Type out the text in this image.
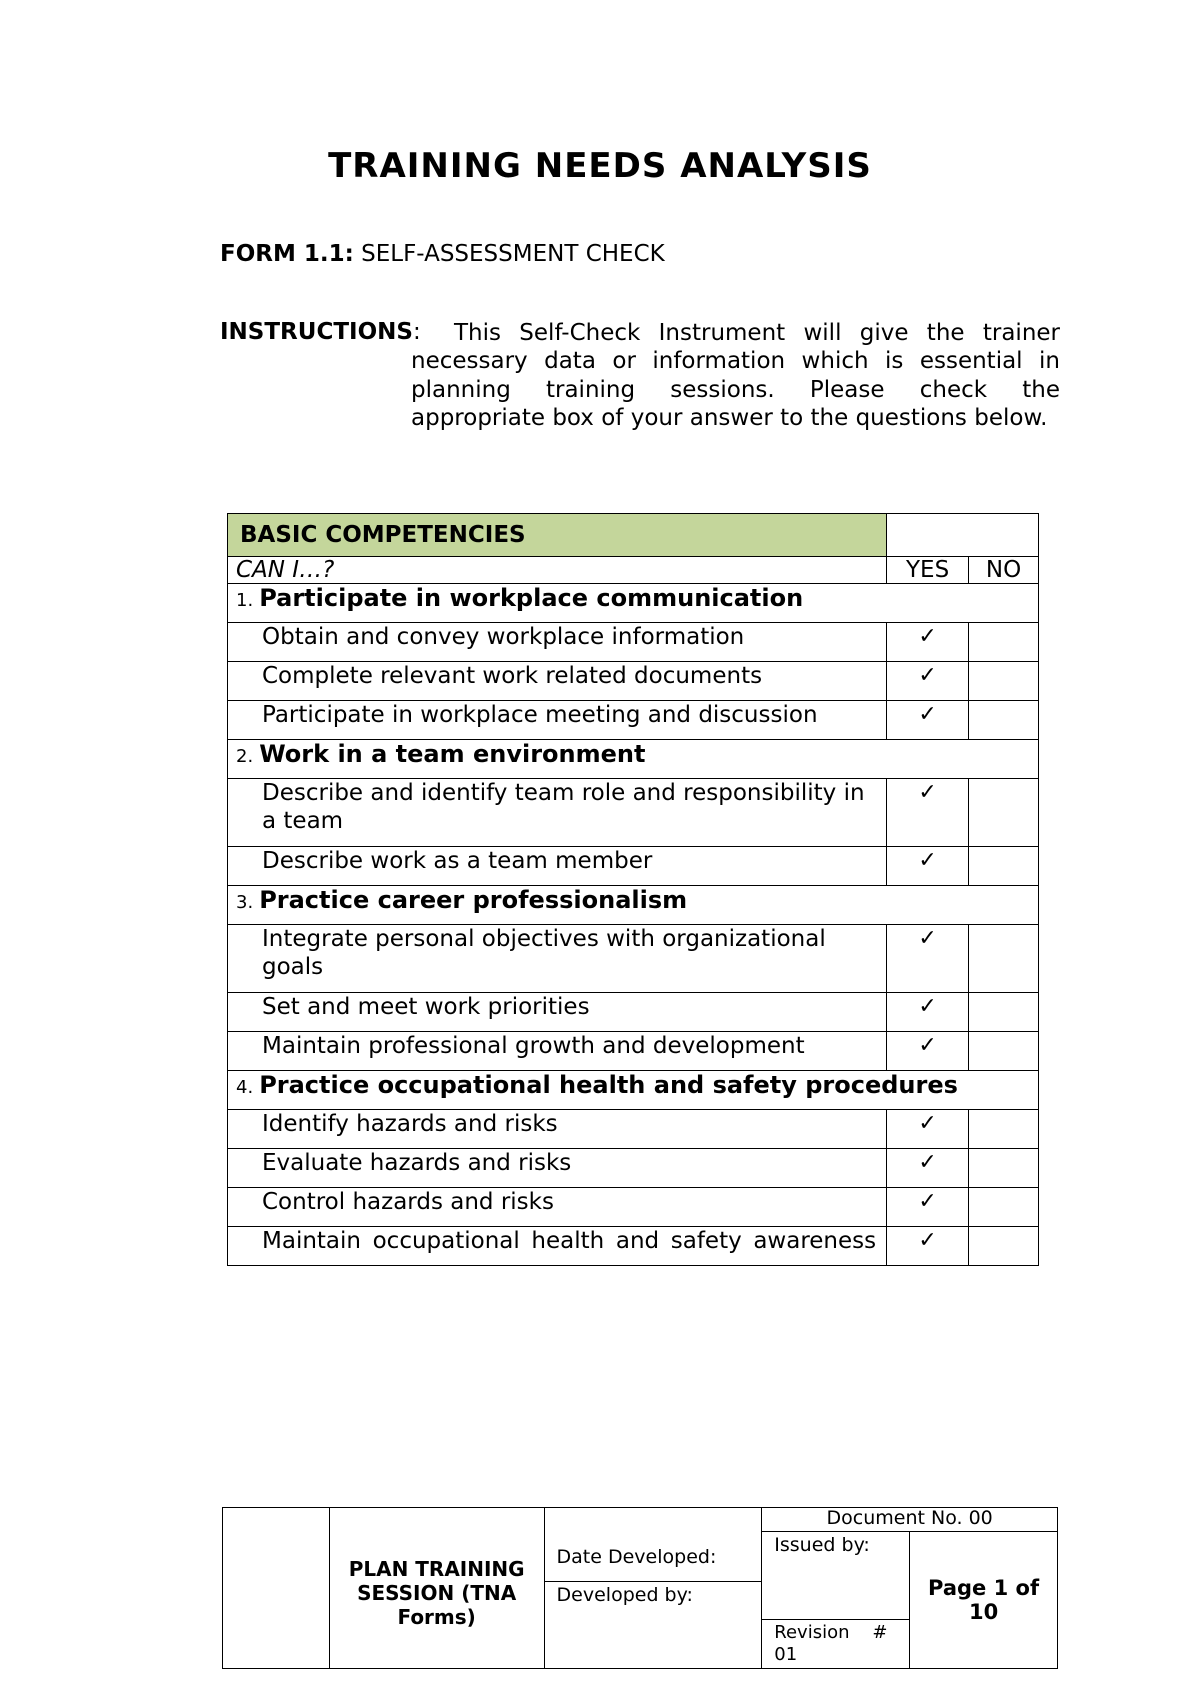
TRAINING NEEDS ANALYSIS
FORM 1.1: SELF-ASSESSMENT CHECK
INSTRUCTIONS: This Self-Check Instrument will give the trainer
necessary data or information which is essential in planning training sessions. Please check the appropriate box of your answer to the questions below.
BASIC COMPETENCIES		
CAN I…?	YES	NO
1. Participate in workplace communication		
Obtain and convey workplace information	✓	
Complete relevant work related documents	✓	
Participate in workplace meeting and discussion	✓	
2. Work in a team environment		
Describe and identify team role and responsibility in a team	✓	
Describe work as a team member	✓	
3. Practice career professionalism		
Integrate personal objectives with organizational goals	✓	
Set and meet work priorities	✓	
Maintain professional growth and development	✓	
4. Practice occupational health and safety procedures		
Identify hazards and risks	✓	
Evaluate hazards and risks	✓	
Control hazards and risks	✓	
Maintain occupational health and safety awareness	✓	
	PLAN TRAINING SESSION (TNA Forms)	Date Developed:	Document No. 00	
			Issued by:	Page 1 of 10
		Developed by:		
			Revision    # 01	
